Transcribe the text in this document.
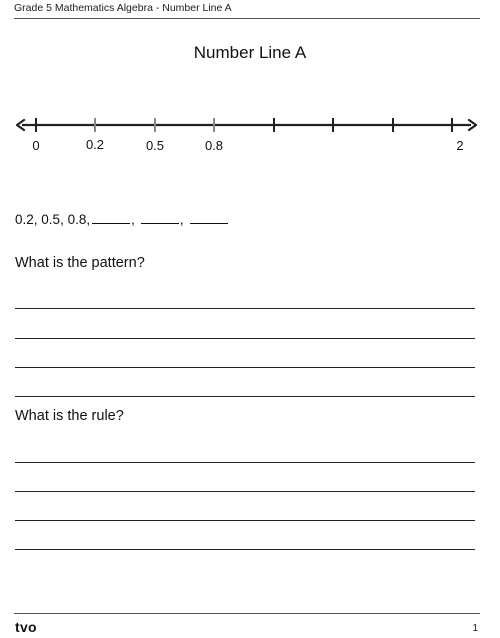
Grade 5 Mathematics Algebra - Number Line A
Number Line A
0	0.2	0.5	0.8	2
0.2, 0.5, 0.8,	,	,
What is the pattern?
What is the rule?
tvo	1
